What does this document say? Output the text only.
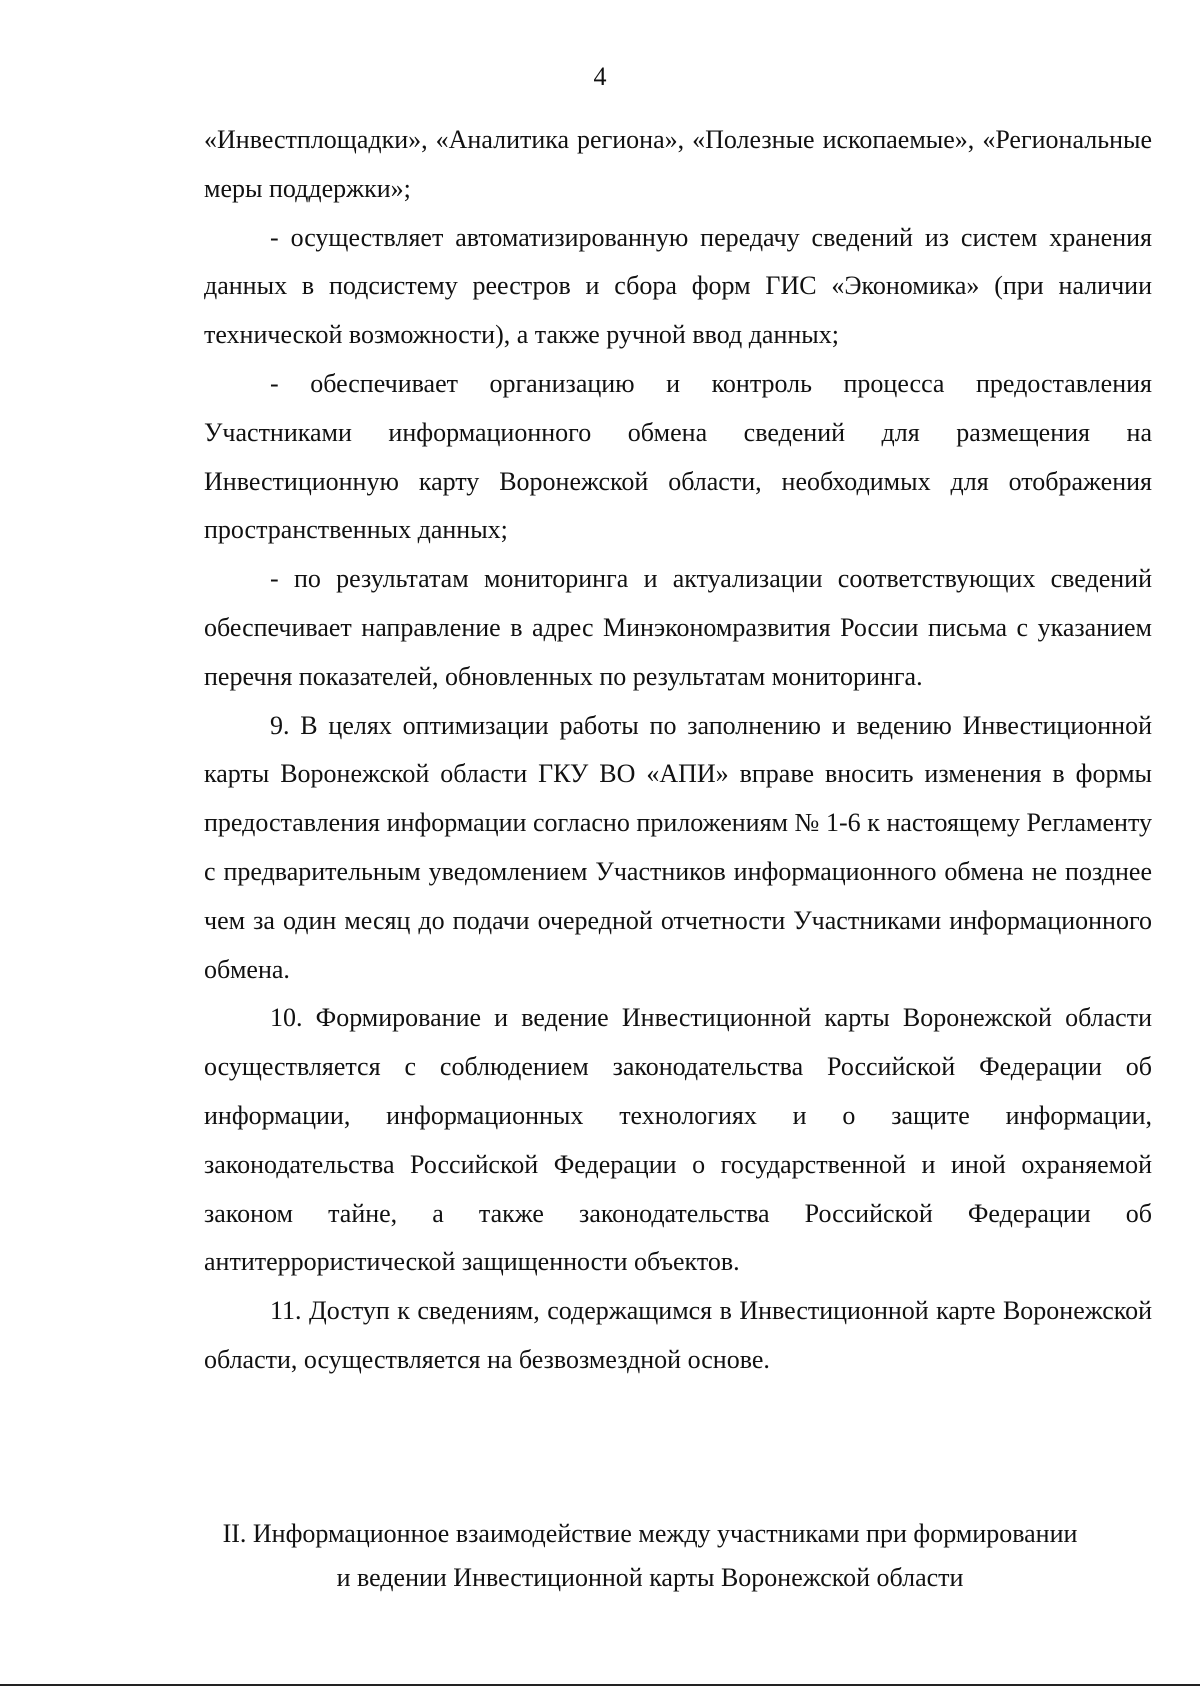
4

«Инвестплощадки», «Аналитика региона», «Полезные ископаемые», «Региональные меры поддержки»;

- осуществляет автоматизированную передачу сведений из систем хранения данных в подсистему реестров и сбора форм ГИС «Экономика» (при наличии технической возможности), а также ручной ввод данных;

- обеспечивает организацию и контроль процесса предоставления Участниками информационного обмена сведений для размещения на Инвестиционную карту Воронежской области, необходимых для отображения пространственных данных;

- по результатам мониторинга и актуализации соответствующих сведений обеспечивает направление в адрес Минэкономразвития России письма с указанием перечня показателей, обновленных по результатам мониторинга.

9. В целях оптимизации работы по заполнению и ведению Инвестиционной карты Воронежской области ГКУ ВО «АПИ» вправе вносить изменения в формы предоставления информации согласно приложениям № 1-6 к настоящему Регламенту с предварительным уведомлением Участников информационного обмена не позднее чем за один месяц до подачи очередной отчетности Участниками информационного обмена.

10. Формирование и ведение Инвестиционной карты Воронежской области осуществляется с соблюдением законодательства Российской Федерации об информации, информационных технологиях и о защите информации, законодательства Российской Федерации о государственной и иной охраняемой законом тайне, а также законодательства Российской Федерации об антитеррористической защищенности объектов.

11. Доступ к сведениям, содержащимся в Инвестиционной карте Воронежской области, осуществляется на безвозмездной основе.

II. Информационное взаимодействие между участниками при формировании
и ведении Инвестиционной карты Воронежской области
